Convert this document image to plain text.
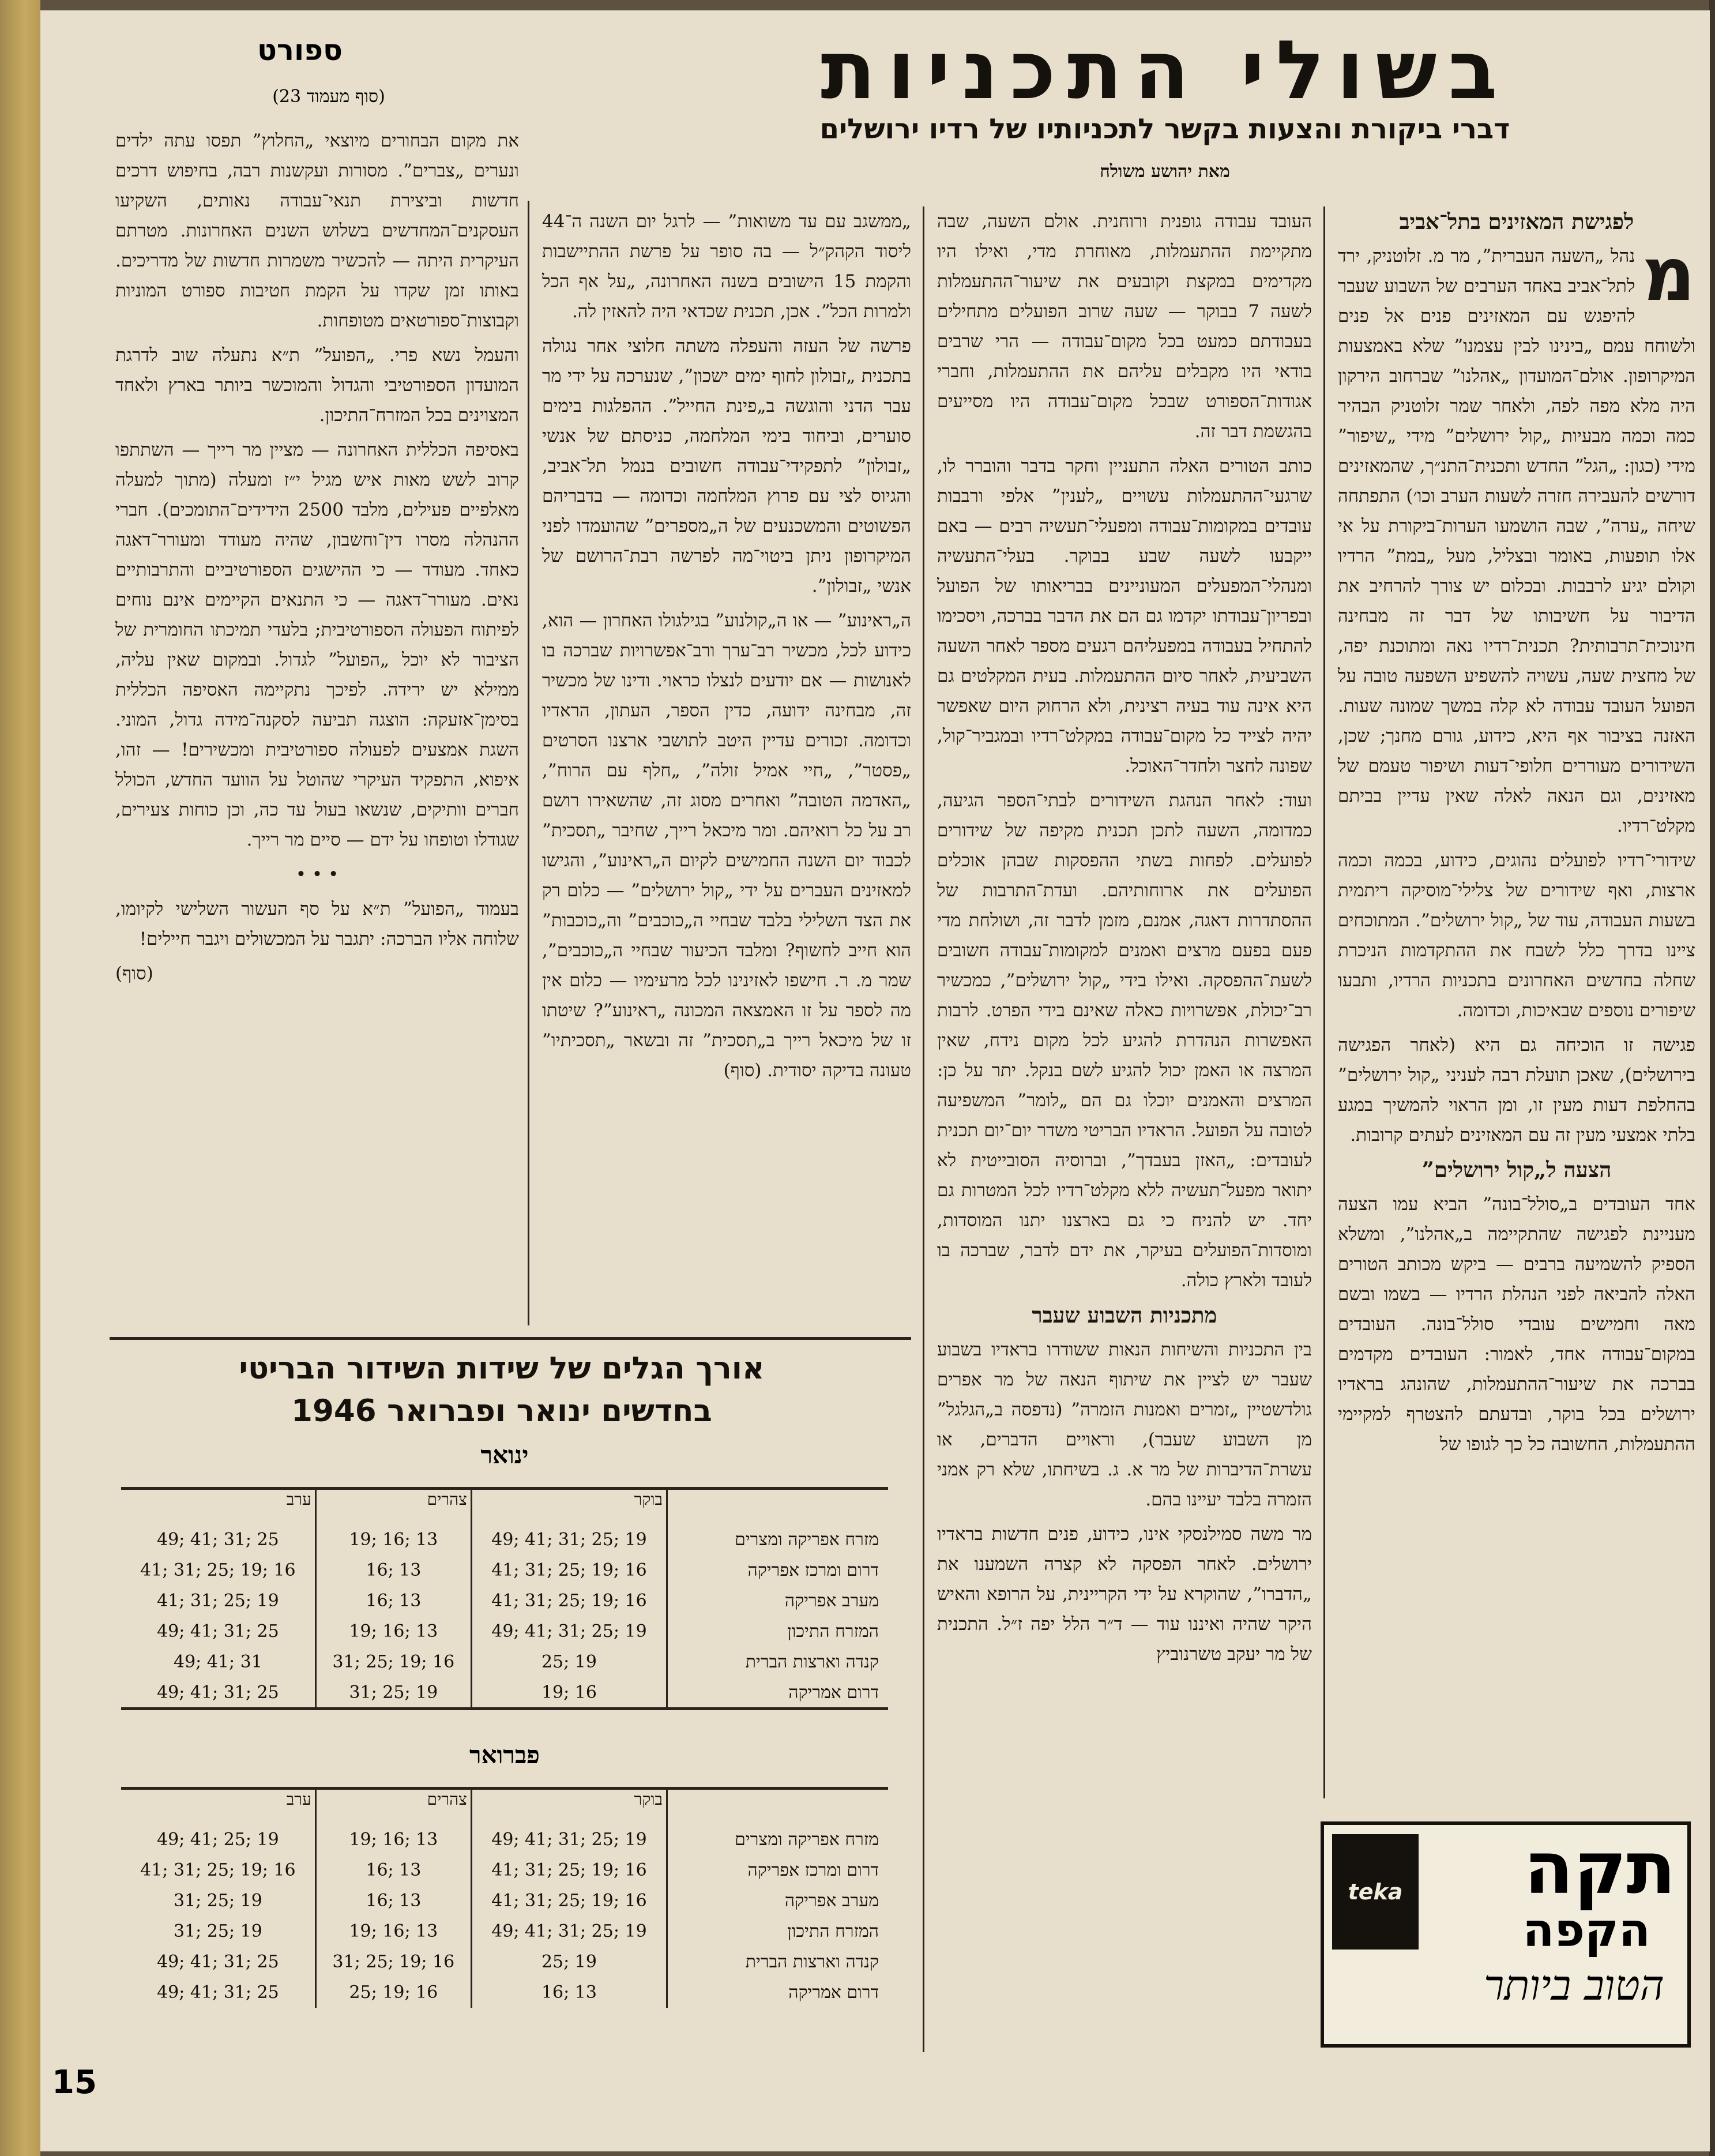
בשולי התכניות
דברי ביקורת והצעות בקשר לתכניותיו של רדיו ירושלים
מאת יהושע משולח
ספורט
(סוף מעמוד 23)

לפגישת המאזינים בתל־אביב

מ
נהל „השעה העברית”, מר מ. זלוטניק, ירד לתל־אביב באחד הערבים של השבוע שעבר להיפגש עם המאזינים פנים אל פנים ולשוחח עמם „בינינו לבין עצמנו” שלא באמצעות המיקרופון. אולם־המועדון „אהלנו” שברחוב הירקון היה מלא מפה לפה, ולאחר שמר זלוטניק הבהיר כמה וכמה מבעיות „קול ירושלים” מידי „שיפור” מידי (כגון: „הגל” החדש ותכנית־התנ״ך, שהמאזינים דורשים להעבירה חזרה לשעות הערב וכו׳) התפתחה שיחה „ערה”, שבה הושמעו הערות־ביקורת על אי אלו תופעות, באומר ובצליל, מעל „במת” הרדיו וקולם יגיע לרבבות. ובכלום יש צורך להרחיב את הדיבור על חשיבותו של דבר זה מבחינה חינוכית־תרבותית? תכנית־רדיו נאה ומתוכנת יפה, של מחצית שעה, עשויה להשפיע השפעה טובה על הפועל העובד עבודה לא קלה במשך שמונה שעות. האזנה בציבור אף היא, כידוע, גורם מחנך; שכן, השידורים מעוררים חלופי־דעות ושיפור טעמם של מאזינים, וגם הנאה לאלה שאין עדיין בביתם מקלט־רדיו.

שידורי־רדיו לפועלים נהוגים, כידוע, בכמה וכמה ארצות, ואף שידורים של צלילי־מוסיקה ריתמית בשעות העבודה, עוד של „קול ירושלים”. המתוכחים ציינו בדרך כלל לשבח את ההתקדמות הניכרת שחלה בחדשים האחרונים בתכניות הרדיו, ותבעו שיפורים נוספים שבאיכות, וכדומה.

פגישה זו הוכיחה גם היא (לאחר הפגישה בירושלים), שאכן תועלת רבה לעניני „קול ירושלים” בהחלפת דעות מעין זו, ומן הראוי להמשיך במגע בלתי אמצעי מעין זה עם המאזינים לעתים קרובות.

הצעה ל„קול ירושלים”

אחד העובדים ב„סולל־בונה” הביא עמו הצעה מעניינת לפגישה שהתקיימה ב„אהלנו”, ומשלא הספיק להשמיעה ברבים — ביקש מכותב הטורים האלה להביאה לפני הנהלת הרדיו — בשמו ובשם מאה וחמישים עובדי סולל־בונה. העובדים במקום־עבודה אחד, לאמור: העובדים מקדמים בברכה את שיעור־ההתעמלות, שהונהג בראדיו ירושלים בכל בוקר, ובדעתם להצטרף למקיימי ההתעמלות, החשובה כל כך לגופו של

העובד עבודה גופנית ורוחנית. אולם השעה, שבה מתקיימת ההתעמלות, מאוחרת מדי, ואילו היו מקדימים במקצת וקובעים את שיעור־ההתעמלות לשעה 7 בבוקר — שעה שרוב הפועלים מתחילים בעבודתם כמעט בכל מקום־עבודה — הרי שרבים בודאי היו מקבלים עליהם את ההתעמלות, וחברי אגודות־הספורט שבכל מקום־עבודה היו מסייעים בהגשמת דבר זה.

כותב הטורים האלה התעניין וחקר בדבר והוברר לו, שרגעי־ההתעמלות עשויים „לענין” אלפי ורבבות עובדים במקומות־עבודה ומפעלי־תעשיה רבים — באם ייקבעו לשעה שבע בבוקר. בעלי־התעשיה ומנהלי־המפעלים המעוניינים בבריאותו של הפועל ובפריון־עבודתו יקדמו גם הם את הדבר בברכה, ויסכימו להתחיל בעבודה במפעליהם רגעים מספר לאחר השעה השביעית, לאחר סיום ההתעמלות. בעית המקלטים גם היא אינה עוד בעיה רצינית, ולא הרחוק היום שאפשר יהיה לצייד כל מקום־עבודה במקלט־רדיו ובמגביר־קול, שפונה לחצר ולחדר־האוכל.

ועוד: לאחר הנהגת השידורים לבתי־הספר הגיעה, כמדומה, השעה לתכן תכנית מקיפה של שידורים לפועלים. לפחות בשתי ההפסקות שבהן אוכלים הפועלים את ארוחותיהם. ועדת־התרבות של ההסתדרות דאגה, אמנם, מזמן לדבר זה, ושולחת מדי פעם בפעם מרצים ואמנים למקומות־עבודה חשובים לשעת־ההפסקה. ואילו בידי „קול ירושלים”, כמכשיר רב־יכולת, אפשרויות כאלה שאינם בידי הפרט. לרבות האפשרות הנהדרת להגיע לכל מקום נידח, שאין המרצה או האמן יכול להגיע לשם בנקל. יתר על כן: המרצים והאמנים יוכלו גם הם „לומר” המשפיעה לטובה על הפועל. הראדיו הבריטי משדר יום־יום תכנית לעובדים: „האזן בעבדך”, וברוסיה הסובייטית לא יתואר מפעל־תעשיה ללא מקלט־רדיו לכל המטרות גם יחד. יש להניח כי גם בארצנו יתנו המוסדות, ומוסדות־הפועלים בעיקר, את ידם לדבר, שברכה בו לעובד ולארץ כולה.

מתכניות השבוע שעבר

בין התכניות והשיחות הנאות ששודרו בראדיו בשבוע שעבר יש לציין את שיתוף הנאה של מר אפרים גולדשטיין „זמרים ואמנות הזמרה” (נדפסה ב„הגלגל” מן השבוע שעבר), וראויים הדברים, או עשרת־הדיברות של מר א. ג. בשיחתו, שלא רק אמני הזמרה בלבד יעיינו בהם.

מר משה סמילנסקי אינו, כידוע, פנים חדשות בראדיו ירושלים. לאחר הפסקה לא קצרה השמענו את „הדברו”, שהוקרא על ידי הקריינית, על הרופא והאיש היקר שהיה ואיננו עוד — ד״ר הלל יפה ז״ל. התכנית של מר יעקב טשרנוביץ

„ממשגב עם עד משואות” — לרגל יום השנה ה־44 ליסוד הקהק״ל — בה סופר על פרשת ההתיישבות והקמת 15 הישובים בשנה האחרונה, „על אף הכל ולמרות הכל”. אכן, תכנית שכדאי היה להאזין לה.

פרשה של העזה והעפלה משתה חלוצי אחר נגולה בתכנית „זבולון לחוף ימים ישכון”, שנערכה על ידי מר עבר הדני והוגשה ב„פינת החייל”. ההפלגות בימים סוערים, וביחוד בימי המלחמה, כניסתם של אנשי „זבולון” לתפקידי־עבודה חשובים בנמל תל־אביב, והגיוס לצי עם פרוץ המלחמה וכדומה — בדבריהם הפשוטים והמשכנעים של ה„מספרים” שהועמדו לפני המיקרופון ניתן ביטוי־מה לפרשה רבת־הרושם של אנשי „זבולון”.

ה„ראינוע” — או ה„קולנוע” בגילגולו האחרון — הוא, כידוע לכל, מכשיר רב־ערך ורב־אפשרויות שברכה בו לאנושות — אם יודעים לנצלו כראוי. ודינו של מכשיר זה, מבחינה ידועה, כדין הספר, העתון, הראדיו וכדומה. זכורים עדיין היטב לתושבי ארצנו הסרטים „פסטר”, „חיי אמיל זולה”, „חלף עם הרוח”, „האדמה הטובה” ואחרים מסוג זה, שהשאירו רושם רב על כל רואיהם. ומר מיכאל רייך, שחיבר „תסכית” לכבוד יום השנה החמישים לקיום ה„ראינוע”, והגישו למאזינים העברים על ידי „קול ירושלים” — כלום רק את הצד השלילי בלבד שבחיי ה„כוכבים” וה„כוכבות” הוא חייב לחשוף? ומלבד הכיעור שבחיי ה„כוכבים”, שמר מ. ר. חישפו לאזינינו לכל מרעימיו — כלום אין מה לספר על זו האמצאה המכונה „ראינוע”? שיטתו זו של מיכאל רייך ב„תסכית” זה ובשאר „תסכיתיו” טעונה בדיקה יסודית. (סוף)

את מקום הבחורים מיוצאי „החלוץ” תפסו עתה ילדים ונערים „צברים”. מסורות ועקשנות רבה, בחיפוש דרכים חדשות וביצירת תנאי־עבודה נאותים, השקיעו העסקנים־המחדשים בשלוש השנים האחרונות. מטרתם העיקרית היתה — להכשיר משמרות חדשות של מדריכים. באותו זמן שקדו על הקמת חטיבות ספורט המוניות וקבוצות־ספורטאים מטופחות.

והעמל נשא פרי. „הפועל” ת״א נתעלה שוב לדרגת המועדון הספורטיבי והגדול והמוכשר ביותר בארץ ולאחד המצוינים בכל המזרח־התיכון.

באסיפה הכללית האחרונה — מציין מר רייך — השתתפו קרוב לשש מאות איש מגיל י״ז ומעלה (מתוך למעלה מאלפיים פעילים, מלבד 2500 הידידים־התומכים). חברי ההנהלה מסרו דין־וחשבון, שהיה מעודד ומעורר־דאגה כאחד. מעודד — כי ההישגים הספורטיביים והתרבותיים נאים. מעורר־דאגה — כי התנאים הקיימים אינם נוחים לפיתוח הפעולה הספורטיבית; בלעדי תמיכתו החומרית של הציבור לא יוכל „הפועל” לגדול. ובמקום שאין עליה, ממילא יש ירידה. לפיכך נתקיימה האסיפה הכללית בסימן־אזעקה: הוצגה תביעה לסקנה־מידה גדול, המוני. השגת אמצעים לפעולה ספורטיבית ומכשירים! — זהו, איפוא, התפקיד העיקרי שהוטל על הוועד החדש, הכולל חברים וותיקים, שנשאו בעול עד כה, וכן כוחות צעירים, שגודלו וטופחו על ידם — סיים מר רייך.

• • •

בעמוד „הפועל” ת״א על סף העשור השלישי לקיומו, שלוחה אליו הברכה: יתגבר על המכשולים ויגבר חיילים!

(סוף)

אורך הגלים של שידות השידור הבריטי
בחדשים ינואר ופברואר 1946
ינואר
	בוקר	צהרים	ערב
מזרח אפריקה ומצרים	49; 41; 31; 25; 19	19; 16; 13	49; 41; 31; 25
דרום ומרכז אפריקה	41; 31; 25; 19; 16	16; 13	41; 31; 25; 19; 16
מערב אפריקה	41; 31; 25; 19; 16	16; 13	41; 31; 25; 19
המזרח התיכון	49; 41; 31; 25; 19	19; 16; 13	49; 41; 31; 25
קנדה וארצות הברית	25; 19	31; 25; 19; 16	49; 41; 31
דרום אמריקה	19; 16	31; 25; 19	49; 41; 31; 25
פברואר
	בוקר	צהרים	ערב
מזרח אפריקה ומצרים	49; 41; 31; 25; 19	19; 16; 13	49; 41; 25; 19
דרום ומרכז אפריקה	41; 31; 25; 19; 16	16; 13	41; 31; 25; 19; 16
מערב אפריקה	41; 31; 25; 19; 16	16; 13	31; 25; 19
המזרח התיכון	49; 41; 31; 25; 19	19; 16; 13	31; 25; 19
קנדה וארצות הברית	25; 19	31; 25; 19; 16	49; 41; 31; 25
דרום אמריקה	16; 13	25; 19; 16	49; 41; 31; 25
תקה
הקפה
הטוב ביותר
teka
15
